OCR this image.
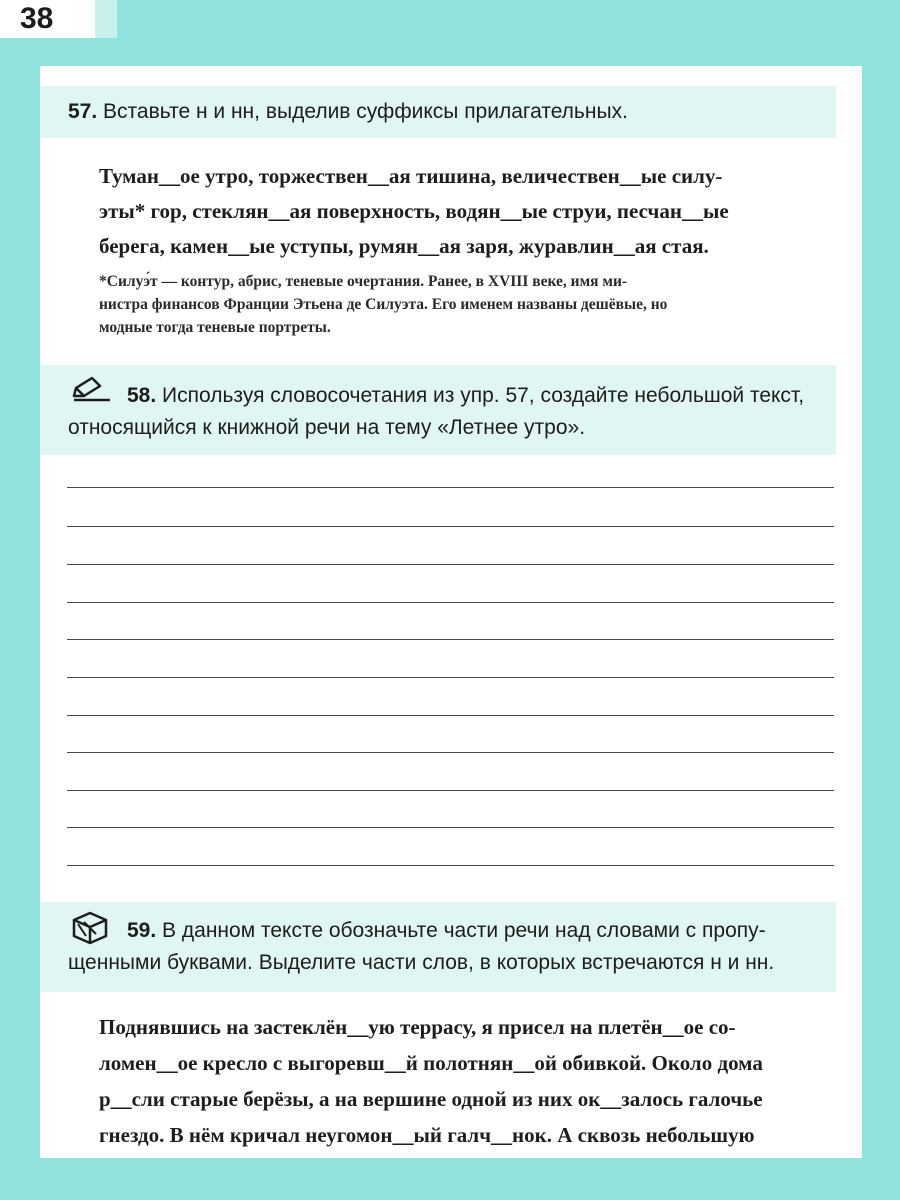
38
57. Вставьте н и нн, выделив суффиксы прилагательных.
Туман__ое утро, торжествен__ая тишина, величествен__ые силу-
эты* гор, стеклян__ая поверхность, водян__ые струи, песчан__ые
берега, камен__ые уступы, румян__ая заря, журавлин__ая стая.
*Силуэ́т — контур, абрис, теневые очертания. Ранее, в XVIII веке, имя ми-
нистра финансов Франции Этьена де Силуэта. Его именем названы дешёвые, но
модные тогда теневые портреты.
58. Используя словосочетания из упр. 57, создайте небольшой текст,
относящийся к книжной речи на тему «Летнее утро».
59. В данном тексте обозначьте части речи над словами с пропу-
щенными буквами. Выделите части слов, в которых встречаются н и нн.
Поднявшись на застеклён__ую террасу, я присел на плетён__ое со-
ломен__ое кресло с выгоревш__й полотнян__ой обивкой. Около дома
р__сли старые берёзы, а на вершине одной из них ок__залось галочье
гнездо. В нём кричал неугомон__ый галч__нок. А сквозь небольшую
